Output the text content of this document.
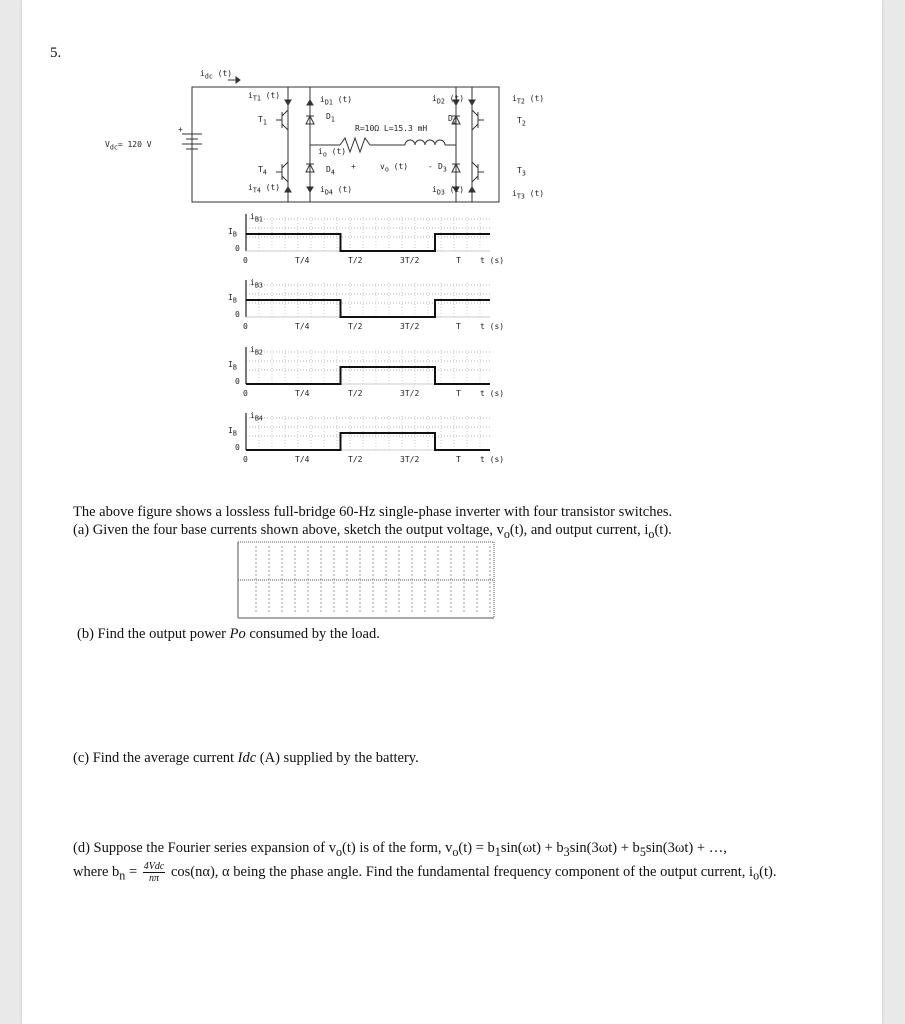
5.
$i_{dc}$ (t)
$V_{dc}= 120$ V
+
$i_{T1}$ (t)	$i_{D1}$ (t)	$i_{D2}$ (t)	$i_{T2}$ (t)
$T_1$
$D_1$
R=10Ω L=15.3 mH
$D_2$	$T_2$
$i_o$ (t)
$T_4$	$D_4$
+	$v_o$ $(t) - D_3$	$T_3$
$i_{T4}$ (t)	$i_{D4}$ (t)	$i_{D3}$ (t)	$i_{T3}$ (t)
$i_{B1}$
$I_B$
0
0	T/4	T/2	3T/2	T t (s)
$i_{B3}$
$I_B$
0
0	T/4	T/2	3T/2	T t (s)
$i_{B2}$
$I_B$
0
0	T/4	T/2	3T/2	T t (s)
$i_{B4}$
$I_B$
0
0	T/4	T/2	3T/2	T t (s)
The above figure shows a lossless full-bridge 60-Hz single-phase inverter with four transistor switches.
(a) Given the four base currents shown above, sketch the output voltage, $v_o(t)$, and output current, $i_o(t)$.
(b) Find the output power Po consumed by the load.
(c) Find the average current Idc (A) supplied by the battery.
(d) Suppose the Fourier series expansion of $v_o(t)$ is of the form, $v_o(t) = b_1\sin(\omega t) + b_3\sin(3\omega t) + b_5\sin(3\omega t)$ + …,
where $b_n = 4Vdc$
nπ cos(nα), α being the phase angle. Find the fundamental frequency component of the output current, $i_o(t)$.
